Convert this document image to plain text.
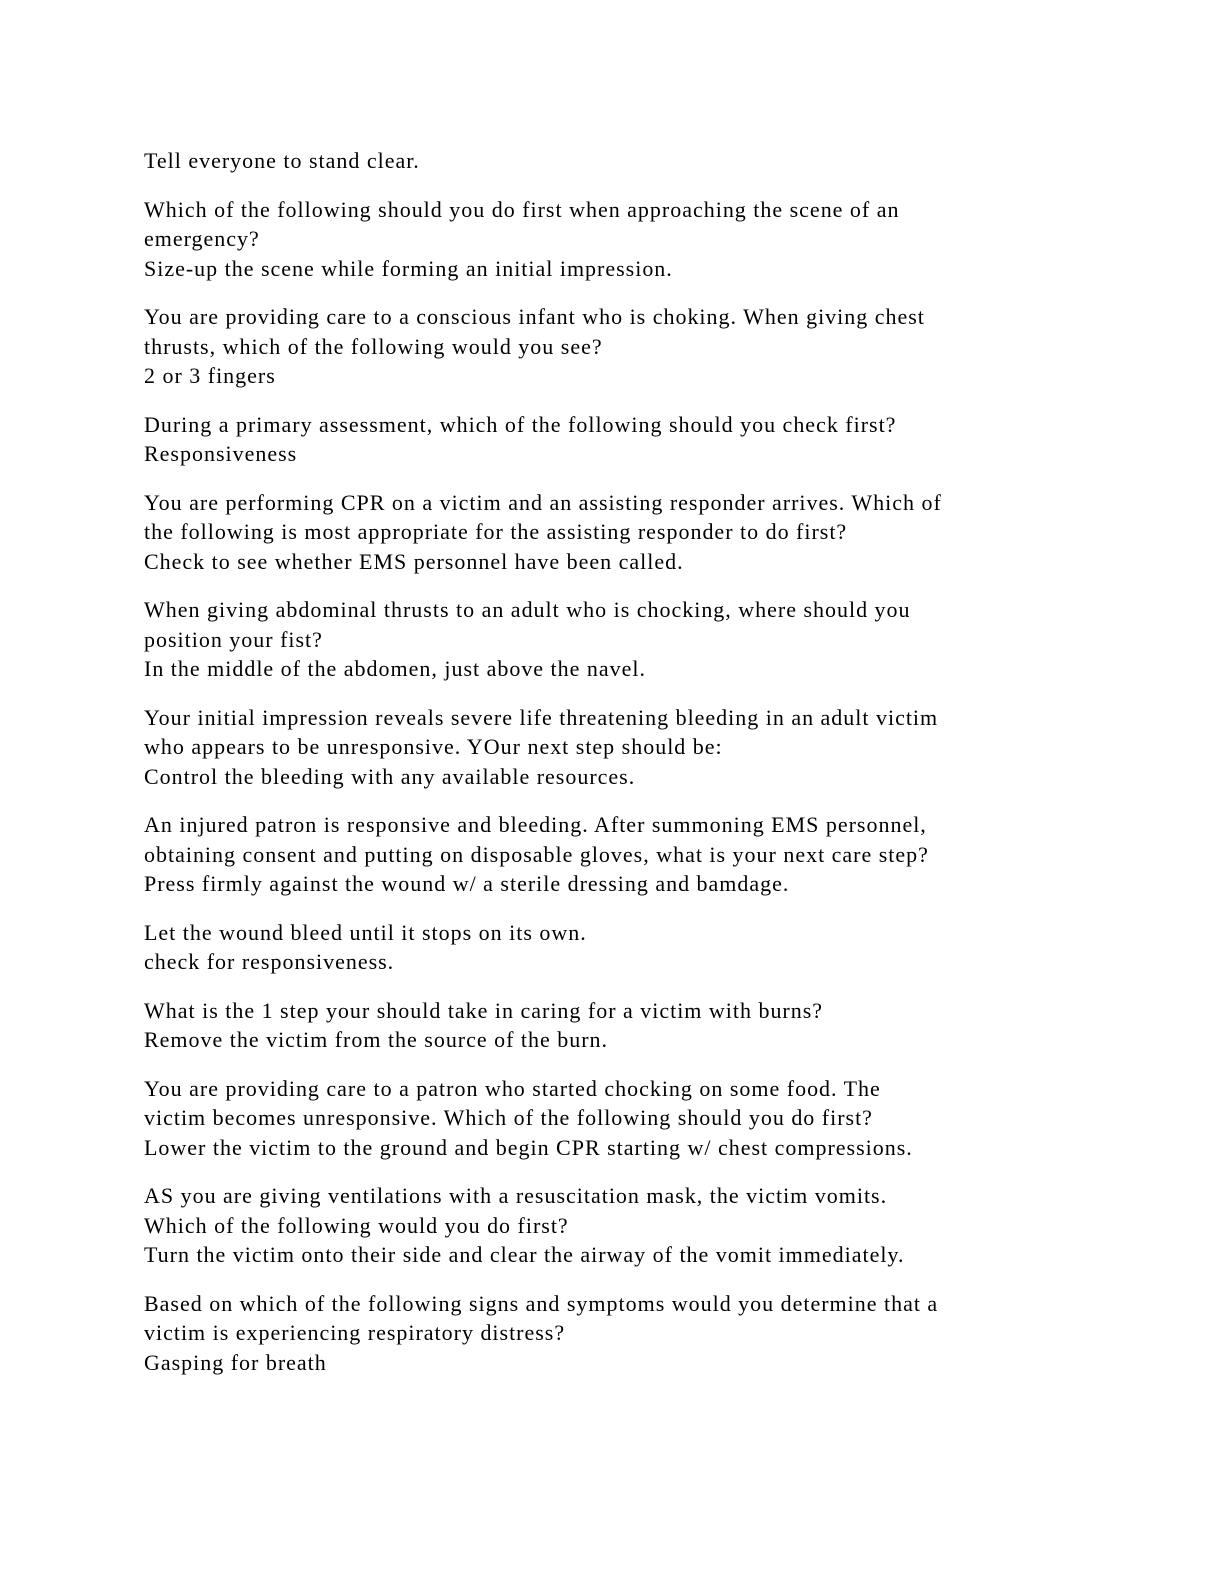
Tell everyone to stand clear.
Which of the following should you do first when approaching the scene of an
emergency?
Size-up the scene while forming an initial impression.
You are providing care to a conscious infant who is choking. When giving chest
thrusts, which of the following would you see?
2 or 3 fingers
During a primary assessment, which of the following should you check first?
Responsiveness
You are performing CPR on a victim and an assisting responder arrives. Which of
the following is most appropriate for the assisting responder to do first?
Check to see whether EMS personnel have been called.
When giving abdominal thrusts to an adult who is chocking, where should you
position your fist?
In the middle of the abdomen, just above the navel.
Your initial impression reveals severe life threatening bleeding in an adult victim
who appears to be unresponsive. YOur next step should be:
Control the bleeding with any available resources.
An injured patron is responsive and bleeding. After summoning EMS personnel,
obtaining consent and putting on disposable gloves, what is your next care step?
Press firmly against the wound w/ a sterile dressing and bamdage.
Let the wound bleed until it stops on its own.
check for responsiveness.
What is the 1 step your should take in caring for a victim with burns?
Remove the victim from the source of the burn.
You are providing care to a patron who started chocking on some food. The
victim becomes unresponsive. Which of the following should you do first?
Lower the victim to the ground and begin CPR starting w/ chest compressions.
AS you are giving ventilations with a resuscitation mask, the victim vomits.
Which of the following would you do first?
Turn the victim onto their side and clear the airway of the vomit immediately.
Based on which of the following signs and symptoms would you determine that a
victim is experiencing respiratory distress?
Gasping for breath
